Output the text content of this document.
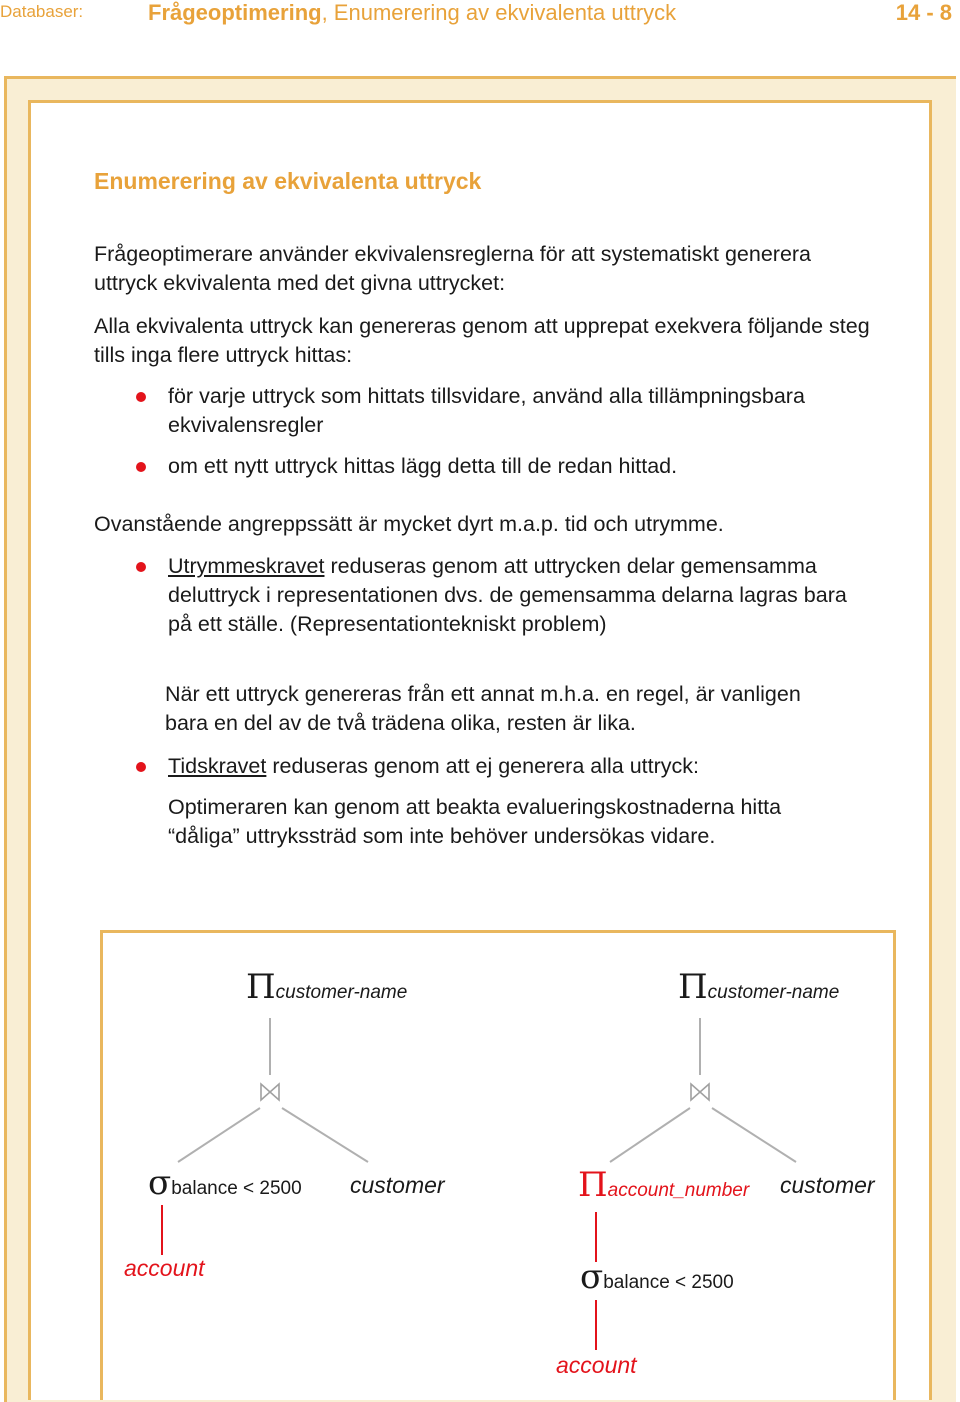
Databaser:	Frågeoptimering, Enumerering av ekvivalenta uttryck	14 - 8
Enumerering av ekvivalenta uttryck
Frågeoptimerare använder ekvivalensreglerna för att systematiskt generera uttryck ekvivalenta med det givna uttrycket:
Alla ekvivalenta uttryck kan genereras genom att upprepat exekvera följande steg tills inga flere uttryck hittas:
för varje uttryck som hittats tillsvidare, använd alla tillämpningsbara ekvivalensregler
om ett nytt uttryck hittas lägg detta till de redan hittad.
Ovanstående angreppssätt är mycket dyrt m.a.p. tid och utrymme.
Utrymmeskravet reduseras genom att uttrycken delar gemensamma deluttryck i representationen dvs. de gemensamma delarna lagras bara på ett ställe. (Representationtekniskt problem)
När ett uttryck genereras från ett annat m.h.a. en regel, är vanligen bara en del av de två trädena olika, resten är lika.
Tidskravet reduseras genom att ej generera alla uttryck:
Optimeraren kan genom att beakta evalueringskostnaderna hitta “dåliga” uttrykssträd som inte behöver undersökas vidare.
Πcustomer-name
σbalance < 2500 customer
account
Πcustomer-name
Πaccount_number customer
σbalance < 2500
account
